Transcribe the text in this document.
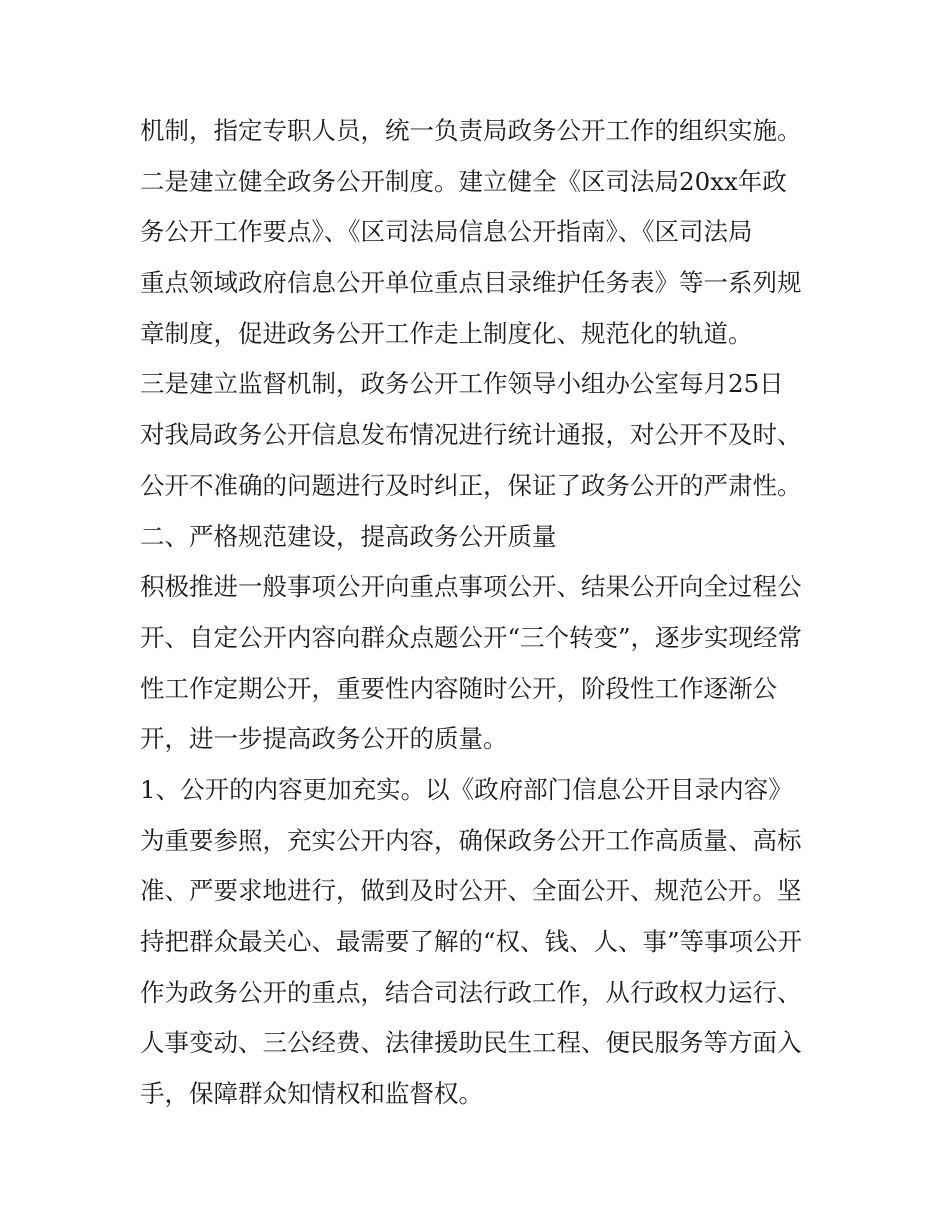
机制，指定专职人员，统一负责局政务公开工作的组织实施。
二是建立健全政务公开制度。建立健全《区司法局20xx年政
务公开工作要点》、《区司法局信息公开指南》、《区司法局
重点领域政府信息公开单位重点目录维护任务表》等一系列规
章制度，促进政务公开工作走上制度化、规范化的轨道。
三是建立监督机制，政务公开工作领导小组办公室每月25日
对我局政务公开信息发布情况进行统计通报，对公开不及时、
公开不准确的问题进行及时纠正，保证了政务公开的严肃性。
二、严格规范建设，提高政务公开质量
积极推进一般事项公开向重点事项公开、结果公开向全过程公
开、自定公开内容向群众点题公开“三个转变”，逐步实现经常
性工作定期公开，重要性内容随时公开，阶段性工作逐渐公
开，进一步提高政务公开的质量。
1、公开的内容更加充实。以《政府部门信息公开目录内容》
为重要参照，充实公开内容，确保政务公开工作高质量、高标
准、严要求地进行，做到及时公开、全面公开、规范公开。坚
持把群众最关心、最需要了解的“权、钱、人、事”等事项公开
作为政务公开的重点，结合司法行政工作，从行政权力运行、
人事变动、三公经费、法律援助民生工程、便民服务等方面入
手，保障群众知情权和监督权。
